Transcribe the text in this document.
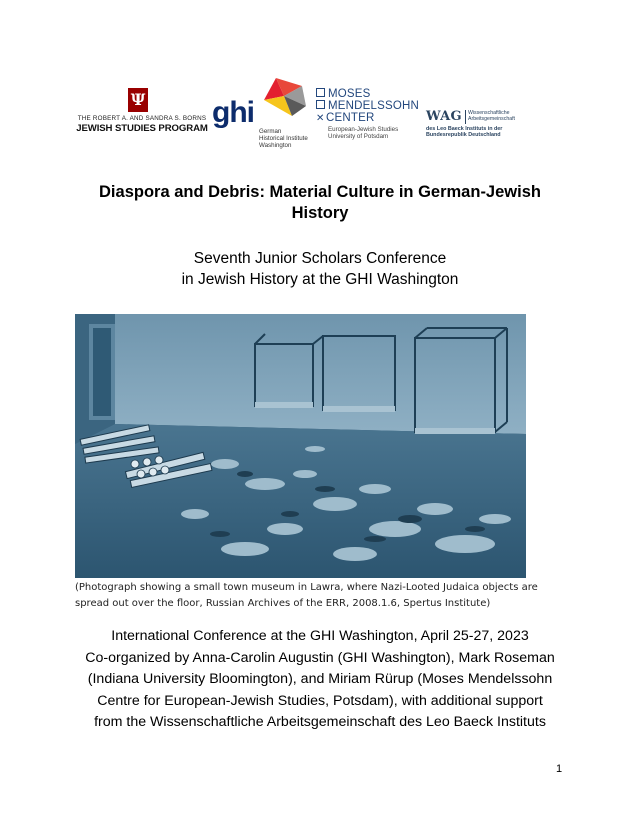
Ψ
THE ROBERT A. AND SANDRA S. BORNS
JEWISH STUDIES PROGRAM ghi
German
Historical Institute
Washington
MOSES
MENDELSSOHN
✕CENTER
European-Jewish Studies
University of Potsdam
WAG Wissenschaftliche
Arbeitsgemeinschaft
des Leo Baeck Instituts in der
Bundesrepublik Deutschland
Diaspora and Debris: Material Culture in German-Jewish
History
Seventh Junior Scholars Conference
in Jewish History at the GHI Washington
(Photograph showing a small town museum in Lawra, where Nazi-Looted Judaica objects are
spread out over the floor, Russian Archives of the ERR, 2008.1.6, Spertus Institute)
International Conference at the GHI Washington, April 25-27, 2023
Co-organized by Anna-Carolin Augustin (GHI Washington), Mark Roseman
(Indiana University Bloomington), and Miriam Rürup (Moses Mendelssohn
Centre for European-Jewish Studies, Potsdam), with additional support
from the Wissenschaftliche Arbeitsgemeinschaft des Leo Baeck Instituts
1
